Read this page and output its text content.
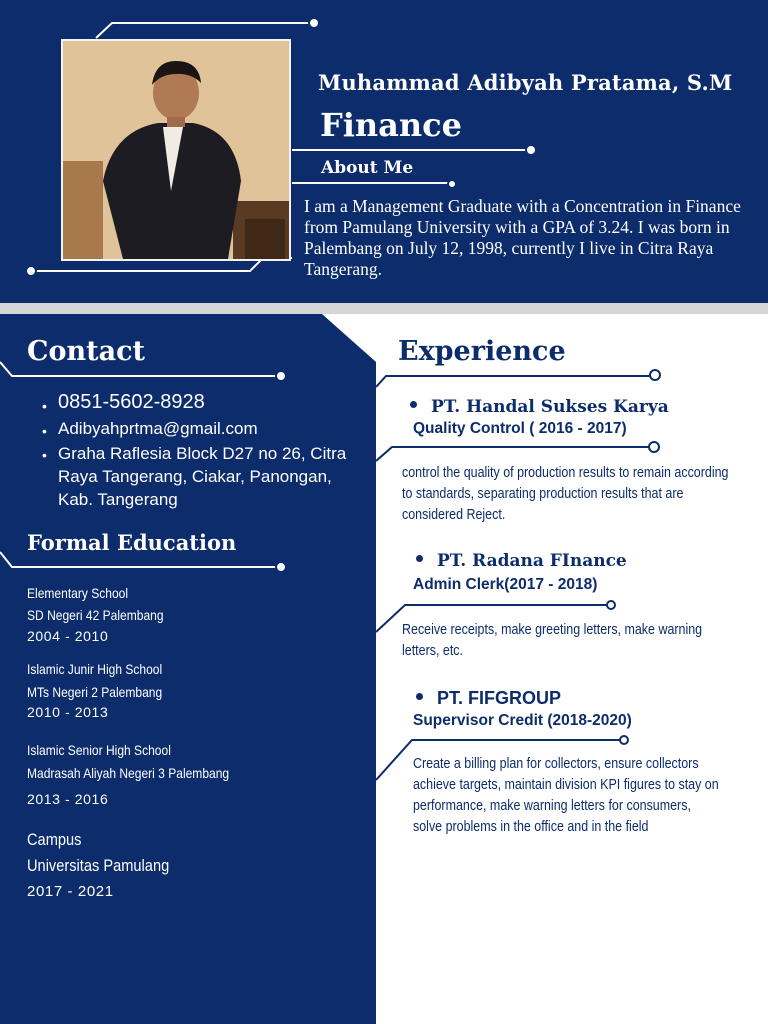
Muhammad Adibyah Pratama, S.M
Finance
About Me

I am a Management Graduate with a Concentration in Finance from Pamulang University with a GPA of 3.24. I was born in Palembang on July 12, 1998, currently I live in Citra Raya Tangerang.

Contact
• 0851-5602-8928
• Adibyahprtma@gmail.com
• Graha Raflesia Block D27 no 26, Citra Raya Tangerang, Ciakar, Panongan, Kab. Tangerang
Formal Education
Elementary School
SD Negeri 42 Palembang
2004 - 2010
Islamic Junir High School
MTs Negeri 2 Palembang
2010 - 2013
Islamic Senior High School
Madrasah Aliyah Negeri 3 Palembang
2013 - 2016
Campus
Universitas Pamulang
2017 - 2021
Experience
PT. Handal Sukses Karya
Quality Control ( 2016 - 2017)
control the quality of production results to remain according to standards, separating production results that are considered Reject.
PT. Radana FInance
Admin Clerk(2017 - 2018)
Receive receipts, make greeting letters, make warning letters, etc.
PT. FIFGROUP
Supervisor Credit (2018-2020)
Create a billing plan for collectors, ensure collectors achieve targets, maintain division KPI figures to stay on performance, make warning letters for consumers, solve problems in the office and in the field
